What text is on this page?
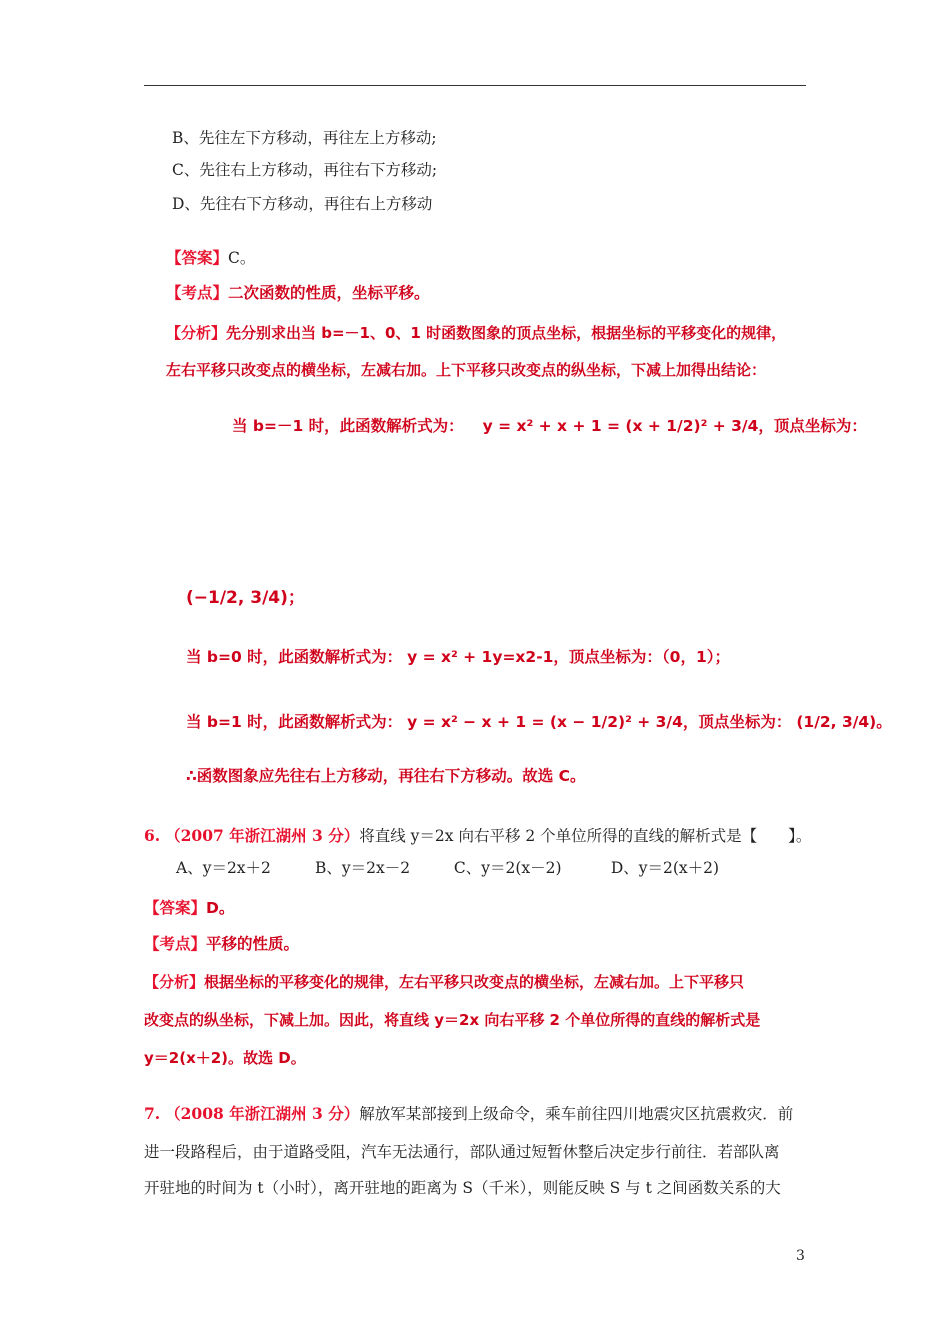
B、先往左下方移动，再往左上方移动;
C、先往右上方移动，再往右下方移动;
D、先往右下方移动，再往右上方移动
【答案】C。
【考点】二次函数的性质，坐标平移。
【分析】先分别求出当 b=－1、0、1 时函数图象的顶点坐标，根据坐标的平移变化的规律，
左右平移只改变点的横坐标，左减右加。上下平移只改变点的纵坐标，下减上加得出结论：
当 b=－1 时，此函数解析式为： y = x² + x + 1 = (x + 1/2)² + 3/4，顶点坐标为：
(−1/2, 3/4)；
当 b=0 时，此函数解析式为： y = x² + 1y=x2-1，顶点坐标为：（0，1）；
当 b=1 时，此函数解析式为： y = x² − x + 1 = (x − 1/2)² + 3/4，顶点坐标为： (1/2, 3/4)。
∴函数图象应先往右上方移动，再往右下方移动。故选 C。
6. （2007 年浙江湖州 3 分）将直线 y＝2x 向右平移 2 个单位所得的直线的解析式是【　　】。
A、y＝2x＋2	B、y＝2x－2	C、y＝2(x－2)	D、y＝2(x＋2)
【答案】D。
【考点】平移的性质。
【分析】根据坐标的平移变化的规律，左右平移只改变点的横坐标，左减右加。上下平移只
改变点的纵坐标，下减上加。因此，将直线 y＝2x 向右平移 2 个单位所得的直线的解析式是
y＝2(x＋2)。故选 D。
7. （2008 年浙江湖州 3 分）解放军某部接到上级命令，乘车前往四川地震灾区抗震救灾．前
进一段路程后，由于道路受阻，汽车无法通行，部队通过短暂休整后决定步行前往．若部队离
开驻地的时间为 t（小时），离开驻地的距离为 S（千米），则能反映 S 与 t 之间函数关系的大
3
